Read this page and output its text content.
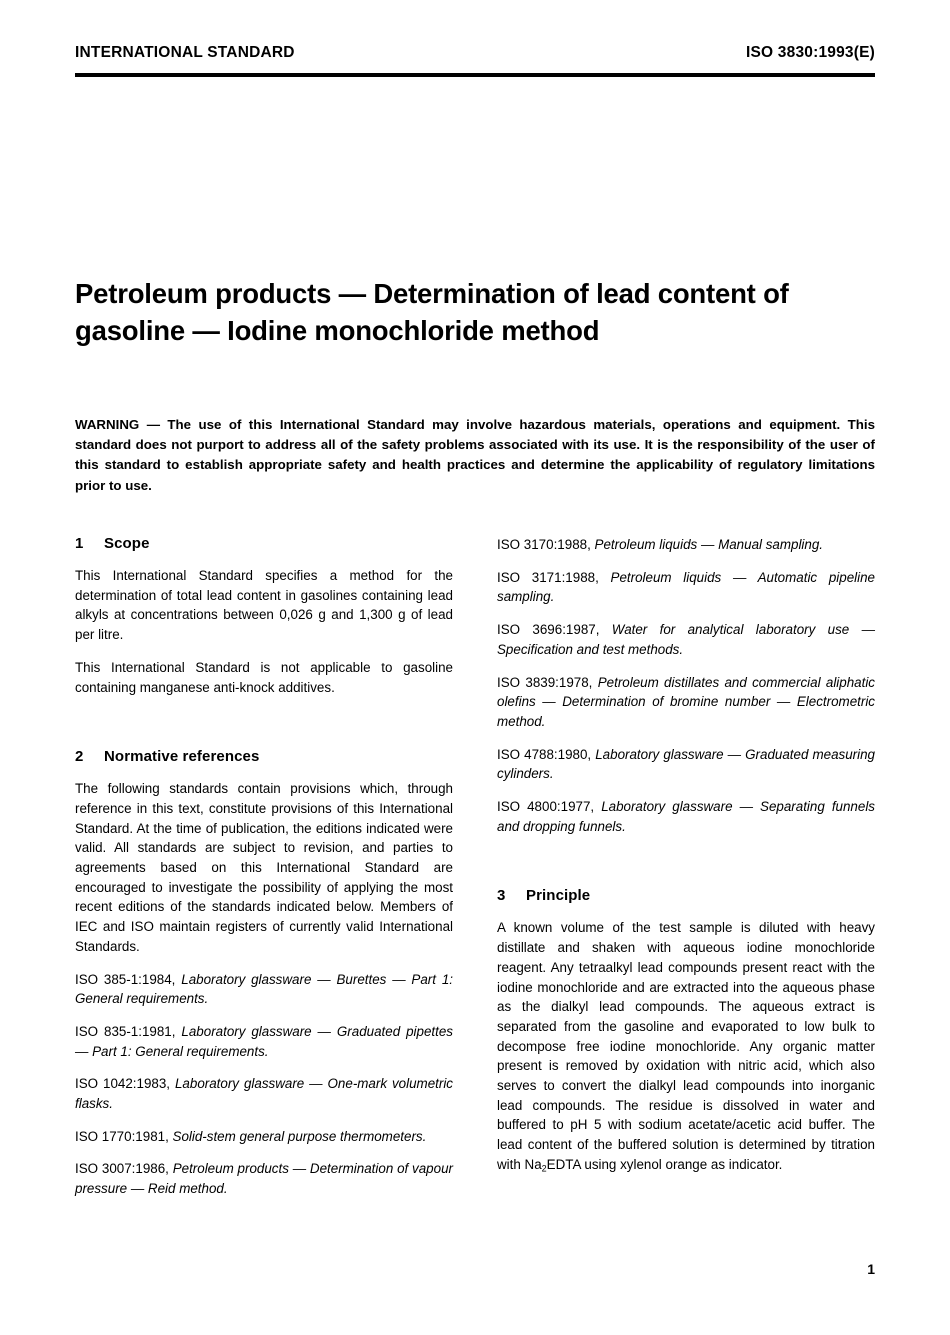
INTERNATIONAL STANDARD	ISO 3830:1993(E)
Petroleum products — Determination of lead content of gasoline — Iodine monochloride method
WARNING — The use of this International Standard may involve hazardous materials, operations and equipment. This standard does not purport to address all of the safety problems associated with its use. It is the responsibility of the user of this standard to establish appropriate safety and health practices and determine the applicability of regulatory limitations prior to use.
1 Scope

This International Standard specifies a method for the determination of total lead content in gasolines containing lead alkyls at concentrations between 0,026 g and 1,300 g of lead per litre.

This International Standard is not applicable to gasoline containing manganese anti-knock additives.

2 Normative references

The following standards contain provisions which, through reference in this text, constitute provisions of this International Standard. At the time of publication, the editions indicated were valid. All standards are subject to revision, and parties to agreements based on this International Standard are encouraged to investigate the possibility of applying the most recent editions of the standards indicated below. Members of IEC and ISO maintain registers of currently valid International Standards.

ISO 385-1:1984, Laboratory glassware — Burettes — Part 1: General requirements.

ISO 835-1:1981, Laboratory glassware — Graduated pipettes — Part 1: General requirements.

ISO 1042:1983, Laboratory glassware — One-mark volumetric flasks.

ISO 1770:1981, Solid-stem general purpose thermometers.

ISO 3007:1986, Petroleum products — Determination of vapour pressure — Reid method.

ISO 3170:1988, Petroleum liquids — Manual sampling.

ISO 3171:1988, Petroleum liquids — Automatic pipeline sampling.

ISO 3696:1987, Water for analytical laboratory use — Specification and test methods.

ISO 3839:1978, Petroleum distillates and commercial aliphatic olefins — Determination of bromine number — Electrometric method.

ISO 4788:1980, Laboratory glassware — Graduated measuring cylinders.

ISO 4800:1977, Laboratory glassware — Separating funnels and dropping funnels.

3 Principle

A known volume of the test sample is diluted with heavy distillate and shaken with aqueous iodine monochloride reagent. Any tetraalkyl lead compounds present react with the iodine monochloride and are extracted into the aqueous phase as the dialkyl lead compounds. The aqueous extract is separated from the gasoline and evaporated to low bulk to decompose free iodine monochloride. Any organic matter present is removed by oxidation with nitric acid, which also serves to convert the dialkyl lead compounds into inorganic lead compounds. The residue is dissolved in water and buffered to pH 5 with sodium acetate/acetic acid buffer. The lead content of the buffered solution is determined by titration with $Na_2EDTA$ using xylenol orange as indicator.

1
